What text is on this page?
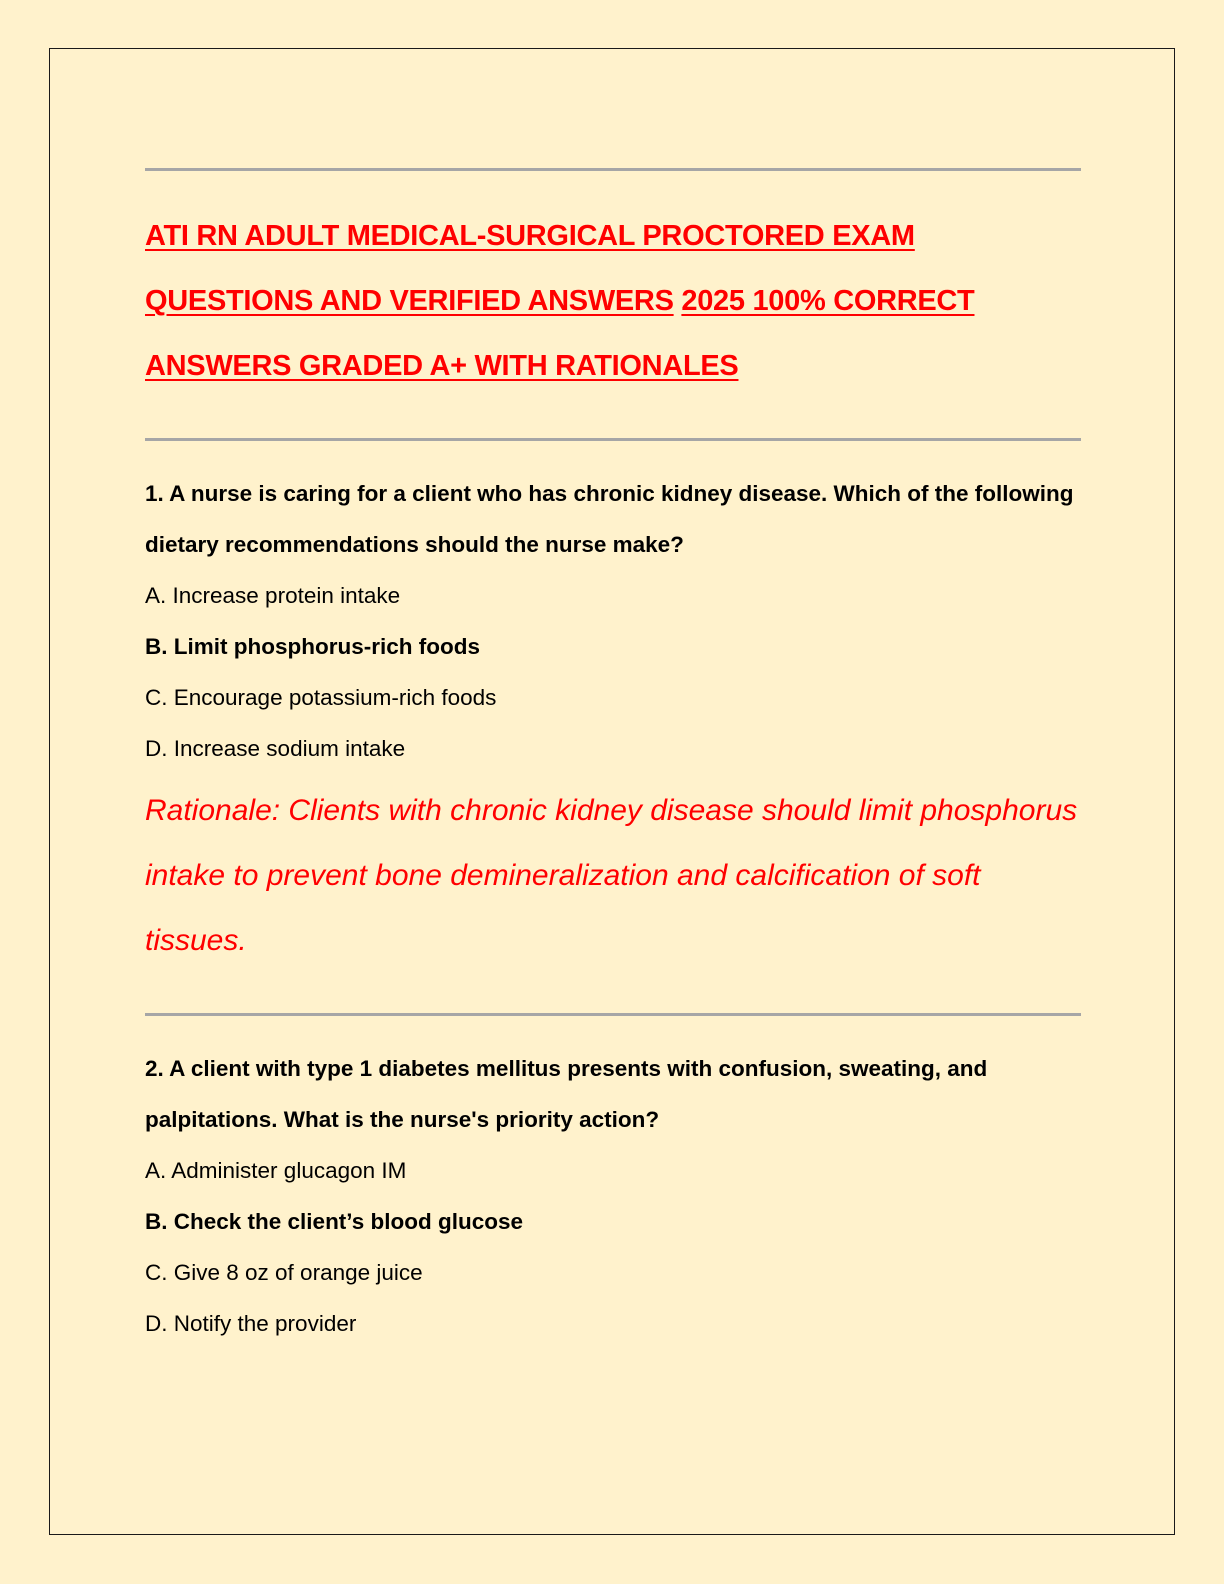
ATI RN ADULT MEDICAL-SURGICAL PROCTORED EXAM QUESTIONS AND VERIFIED ANSWERS 2025 100% CORRECT ANSWERS GRADED A+ WITH RATIONALES

1. A nurse is caring for a client who has chronic kidney disease. Which of the following dietary recommendations should the nurse make?

A. Increase protein intake

B. Limit phosphorus-rich foods

C. Encourage potassium-rich foods

D. Increase sodium intake

Rationale: Clients with chronic kidney disease should limit phosphorus intake to prevent bone demineralization and calcification of soft tissues.

2. A client with type 1 diabetes mellitus presents with confusion, sweating, and palpitations. What is the nurse's priority action?

A. Administer glucagon IM

B. Check the client’s blood glucose

C. Give 8 oz of orange juice

D. Notify the provider
